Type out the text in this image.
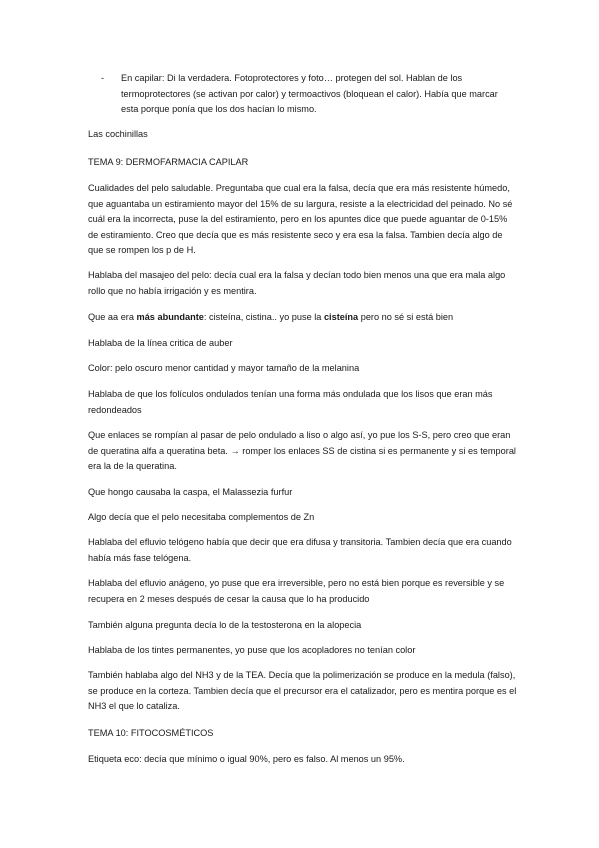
-	En capilar: Di la verdadera. Fotoprotectores y foto… protegen del sol. Hablan de los termoprotectores (se activan por calor) y termoactivos (bloquean el calor). Había que marcar esta porque ponía que los dos hacían lo mismo.

Las cochinillas

TEMA 9: DERMOFARMACIA CAPILAR

Cualidades del pelo saludable. Preguntaba que cual era la falsa, decía que era más resistente húmedo, que aguantaba un estiramiento mayor del 15% de su largura, resiste a la electricidad del peinado. No sé cuál era la incorrecta, puse la del estiramiento, pero en los apuntes dice que puede aguantar de 0-15% de estiramiento. Creo que decía que es más resistente seco y era esa la falsa. Tambien decía algo de que se rompen los p de H.

Hablaba del masajeo del pelo: decía cual era la falsa y decían todo bien menos una que era mala algo rollo que no había irrigación y es mentira.

Que aa era más abundante: cisteína, cistina.. yo puse la cisteína pero no sé si está bien

Hablaba de la línea critica de auber

Color: pelo oscuro menor cantidad y mayor tamaño de la melanina

Hablaba de que los folículos ondulados tenían una forma más ondulada que los lisos que eran más redondeados

Que enlaces se rompían al pasar de pelo ondulado a liso o algo así, yo pue los S-S, pero creo que eran de queratina alfa a queratina beta. → romper los enlaces SS de cistina si es permanente y si es temporal era la de la queratina.

Que hongo causaba la caspa, el Malassezia furfur

Algo decía que el pelo necesitaba complementos de Zn

Hablaba del efluvio telógeno había que decir que era difusa y transitoria. Tambien decía que era cuando había más fase telógena.

Hablaba del efluvio anágeno, yo puse que era irreversible, pero no está bien porque es reversible y se recupera en 2 meses después de cesar la causa que lo ha producido

También alguna pregunta decía lo de la testosterona en la alopecia

Hablaba de los tintes permanentes, yo puse que los acopladores no tenían color

También hablaba algo del NH3 y de la TEA. Decía que la polimerización se produce en la medula (falso), se produce en la corteza. Tambien decía que el precursor era el catalizador, pero es mentira porque es el NH3 el que lo cataliza.

TEMA 10: FITOCOSMÉTICOS

Etiqueta eco: decía que mínimo o igual 90%, pero es falso. Al menos un 95%.
